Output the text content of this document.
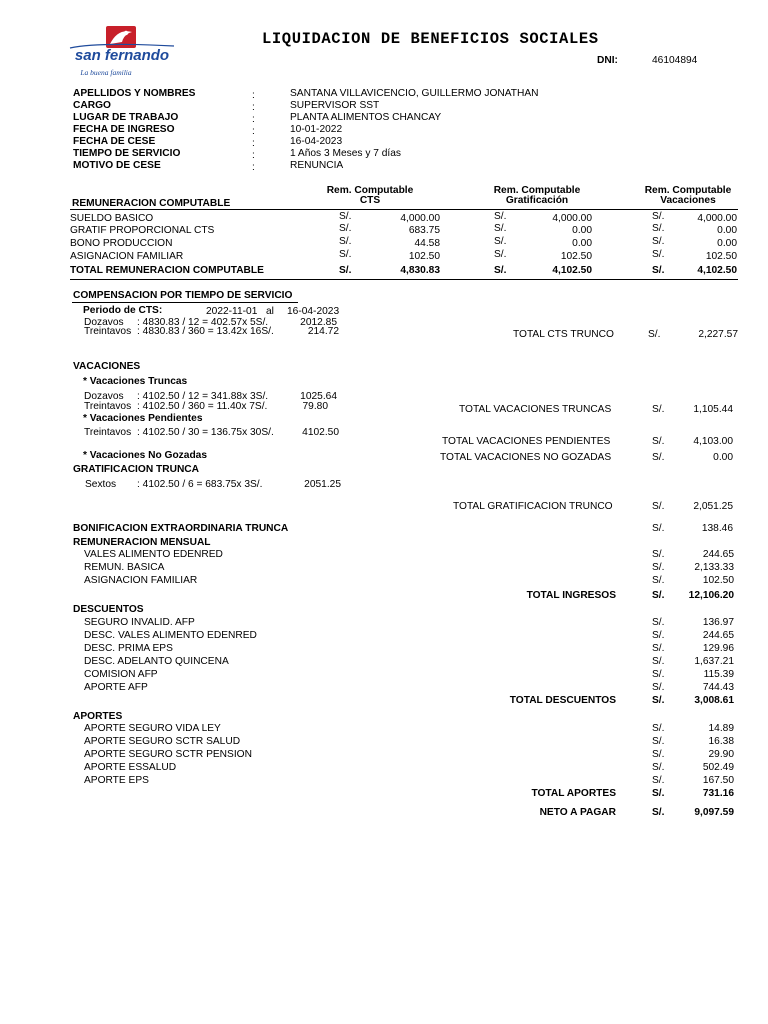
san fernando
La buena familia
LIQUIDACION DE BENEFICIOS SOCIALES
DNI:	46104894
APELLIDOS Y NOMBRES	:	SANTANA VILLAVICENCIO, GUILLERMO JONATHAN
CARGO	:	SUPERVISOR SST
LUGAR DE TRABAJO	:	PLANTA ALIMENTOS CHANCAY
FECHA DE INGRESO	:	10-01-2022
FECHA DE CESE	:	16-04-2023
TIEMPO DE SERVICIO	:	1 Años 3 Meses y 7 días
MOTIVO DE CESE	:	RENUNCIA
REMUNERACION COMPUTABLE
Rem. Computable
CTS
Rem. Computable
Gratificación
Rem. Computable
Vacaciones
SUELDO BASICO	S/.	4,000.00	S/.	4,000.00	S/.	4,000.00
GRATIF PROPORCIONAL CTS	S/.	683.75	S/.	0.00	S/.	0.00
BONO PRODUCCION	S/.	44.58	S/.	0.00	S/.	0.00
ASIGNACION FAMILIAR	S/.	102.50	S/.	102.50	S/.	102.50
TOTAL REMUNERACION COMPUTABLE	S/.	4,830.83	S/.	4,102.50	S/.	4,102.50
COMPENSACION POR TIEMPO DE SERVICIO
Periodo de CTS:	2022-11-01 al 16-04-2023
Dozavos : 4830.83 / 12 = 402.57x 5S/.	2012.85
Treintavos : 4830.83 / 360 = 13.42x 16S/.	214.72	TOTAL CTS TRUNCO	S/.	2,227.57
VACACIONES
* Vacaciones Truncas
Dozavos : 4102.50 / 12 = 341.88x 3S/.	1025.64
Treintavos : 4102.50 / 360 = 11.40x 7S/.	79.80	TOTAL VACACIONES TRUNCAS	S/.	1,105.44
* Vacaciones Pendientes
Treintavos : 4102.50 / 30 = 136.75x 30S/.	4102.50
TOTAL VACACIONES PENDIENTES	S/.	4,103.00
* Vacaciones No Gozadas	TOTAL VACACIONES NO GOZADAS	S/.	0.00
GRATIFICACION TRUNCA
Sextos : 4102.50 / 6 = 683.75x 3S/.	2051.25
TOTAL GRATIFICACION TRUNCO	S/.	2,051.25
BONIFICACION EXTRAORDINARIA TRUNCA	S/.	138.46
REMUNERACION MENSUAL
VALES ALIMENTO EDENRED	S/.	244.65
REMUN. BASICA	S/.	2,133.33
ASIGNACION FAMILIAR	S/.	102.50
TOTAL INGRESOS	S/.	12,106.20
DESCUENTOS
SEGURO INVALID. AFP	S/.	136.97
DESC. VALES ALIMENTO EDENRED	S/.	244.65
DESC. PRIMA EPS	S/.	129.96
DESC. ADELANTO QUINCENA	S/.	1,637.21
COMISION AFP	S/.	115.39
APORTE AFP	S/.	744.43
TOTAL DESCUENTOS	S/.	3,008.61
APORTES
APORTE SEGURO VIDA LEY	S/.	14.89
APORTE SEGURO SCTR SALUD	S/.	16.38
APORTE SEGURO SCTR PENSION	S/.	29.90
APORTE ESSALUD	S/.	502.49
APORTE EPS	S/.	167.50
TOTAL APORTES	S/.	731.16
NETO A PAGAR	S/.	9,097.59
